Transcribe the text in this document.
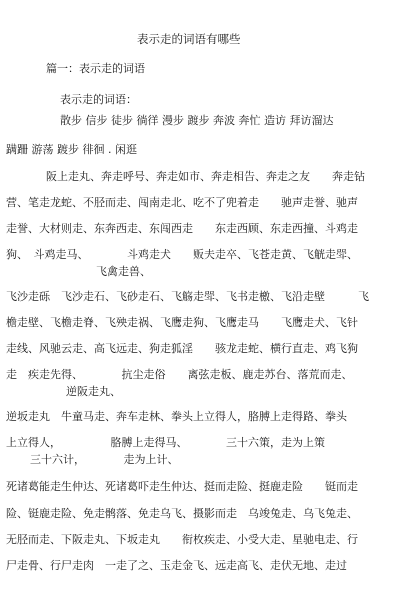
表示走的词语有哪些
篇一：表示走的词语
表示走的词语：
散步 信步 徒步 徜徉 漫步 踱步 奔波 奔忙 造访 拜访溜达
蹒跚 游荡 踱步 徘徊 . 闲逛
阪上走丸、奔走呼号、奔走如市、奔走相告、奔走之友　　奔走钻
营、笔走龙蛇、不胫而走、闯南走北、吃不了兜着走　　驰声走誉、驰声
走誉、大材则走、东奔西走、东闯西走　　东走西顾、东走西撞、斗鸡走
狗、　斗鸡走马、　　　　斗鸡走犬　　贩夫走卒、飞苍走黄、飞觥走斝、
飞禽走兽、
飞沙走砾　飞沙走石、飞砂走石、飞觞走斝、飞书走檄、飞沿走壁　　　飞
檐走壁、飞檐走脊、飞殃走祸、飞鹰走狗、飞鹰走马　　飞鹰走犬、飞针
走线、风驰云走、高飞远走、狗走狐淫　　骇龙走蛇、横行直走、鸡飞狗
走　疾走先得、　　　　抗尘走俗　　离弦走板、鹿走苏台、落荒而走、
逆阪走丸、
逆坂走丸　牛童马走、奔车走林、拳头上立得人，胳膊上走得路、拳头
上立得人，　　　　　胳膊上走得马、　　　　三十六策，走为上策
三十六计，　　　　走为上计、
死诸葛能走生仲达、死诸葛吓走生仲达、挺而走险、挺鹿走险　　铤而走
险、铤鹿走险、免走鹘落、免走乌飞、摄影而走　乌竣兔走、乌飞兔走、
无胫而走、下阪走丸、下坂走丸　　衔枚疾走、小受大走、星驰电走、行
尸走骨、行尸走肉　一走了之、玉走金飞、远走高飞、走伏无地、走过
